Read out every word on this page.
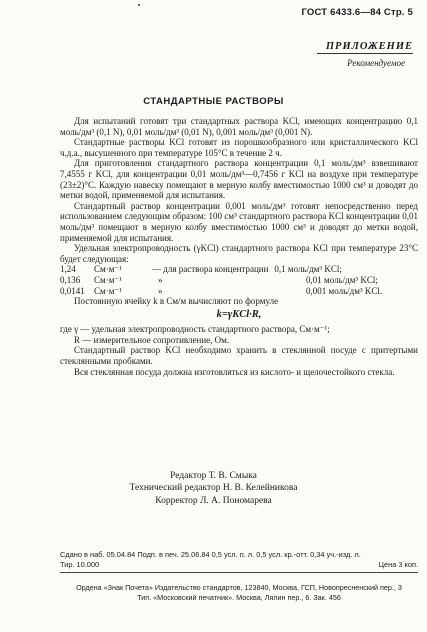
ГОСТ 6433.6—84 Стр. 5
ПРИЛОЖЕНИЕ
Рекомендуемое
СТАНДАРТНЫЕ РАСТВОРЫ

Для испытаний готовят три стандартных раствора KCl, имеющих концентрацию 0,1 моль/дм³ (0,1 N), 0,01 моль/дм³ (0,01 N), 0,001 моль/дм³ (0,001 N).

Стандартные растворы KCl готовят из порошкообразного или кристаллического KCl ч.д.а., высушенного при температуре 105°С в течение 2 ч.

Для приготовления стандартного раствора концентрации 0,1 моль/дм³ взвешивают 7,4555 г KCl, для концентрации 0,01 моль/дм³—0,7456 г KCl на воздухе при температуре (23±2)°С. Каждую навеску помещают в мерную колбу вместимостью 1000 см³ и доводят до метки водой, применяемой для испытания.

Стандартный раствор концентрации 0,001 моль/дм³ готовят непосредственно перед использованием следующим образом: 100 см³ стандартного раствора KCl концентрации 0,01 моль/дм³ помещают в мерную колбу вместимостью 1000 см³ и доводят до метки водой, применяемой для испытания.

Удельная электропроводность (γKCl) стандартного раствора KCl при температуре 23°С будет следующая:

1,24	См·м⁻¹	— для раствора концентрации 0,1 моль/дм³ KCl;
0,136	См·м⁻¹	»	0,01 моль/дм³ KCl;
0,0141	См·м⁻¹	»	0,001 моль/дм³ KCl.

Постоянную ячейку k в См/м вычисляют по формуле

k=γKCl·R,

где γ — удельная электропроводность стандартного раствора, См·м⁻¹;

R — измерительное сопротивление, Ом.

Стандартный раствор KCl необходимо хранить в стеклянной посуде с притертыми стеклянными пробками.

Вся стеклянная посуда должна изготовляться из кислото- и щелочестойкого стекла.

Редактор Т. В. Смыка
Технический редактор Н. В. Келейникова
Корректор Л. А. Пономарева
Сдано в наб. 05.04.84 Подп. в печ. 25.06.84 0,5 усл. п. л. 0,5 усл. кр.-отт. 0,34 уч.-изд. л.
Тир. 10.000	Цена 3 коп.
Ордена «Знак Почета» Издательство стандартов, 123840, Москва, ГСП, Новопресненский пер., 3
Тип. «Московский печатник». Москва, Лялин пер., 6. Зак. 456
